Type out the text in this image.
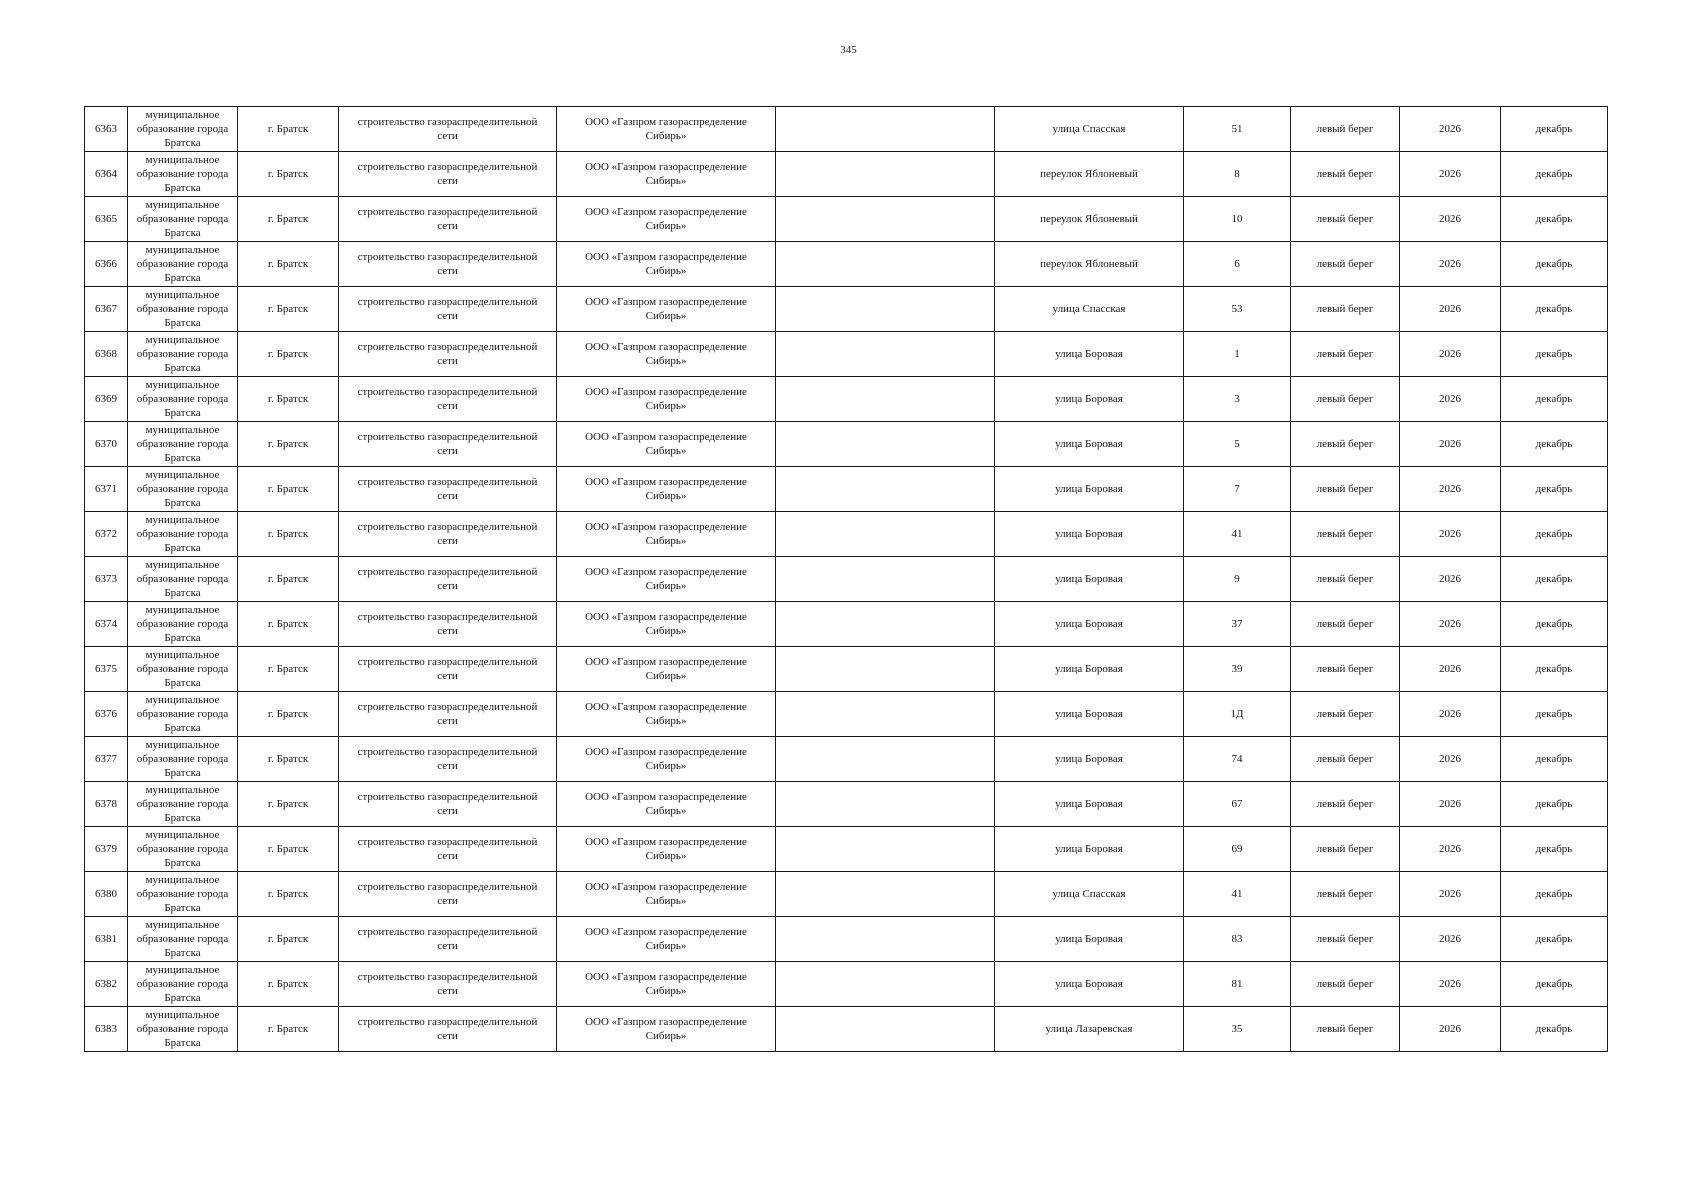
345
6363	муниципальное
образование города
Братска	г. Братск	строительство газораспределительной
сети	ООО «Газпром газораспределение
Сибирь»		улица Спасская	51	левый берег	2026	декабрь
6364	муниципальное
образование города
Братска	г. Братск	строительство газораспределительной
сети	ООО «Газпром газораспределение
Сибирь»		переулок Яблоневый	8	левый берег	2026	декабрь
6365	муниципальное
образование города
Братска	г. Братск	строительство газораспределительной
сети	ООО «Газпром газораспределение
Сибирь»		переулок Яблоневый	10	левый берег	2026	декабрь
6366	муниципальное
образование города
Братска	г. Братск	строительство газораспределительной
сети	ООО «Газпром газораспределение
Сибирь»		переулок Яблоневый	6	левый берег	2026	декабрь
6367	муниципальное
образование города
Братска	г. Братск	строительство газораспределительной
сети	ООО «Газпром газораспределение
Сибирь»		улица Спасская	53	левый берег	2026	декабрь
6368	муниципальное
образование города
Братска	г. Братск	строительство газораспределительной
сети	ООО «Газпром газораспределение
Сибирь»		улица Боровая	1	левый берег	2026	декабрь
6369	муниципальное
образование города
Братска	г. Братск	строительство газораспределительной
сети	ООО «Газпром газораспределение
Сибирь»		улица Боровая	3	левый берег	2026	декабрь
6370	муниципальное
образование города
Братска	г. Братск	строительство газораспределительной
сети	ООО «Газпром газораспределение
Сибирь»		улица Боровая	5	левый берег	2026	декабрь
6371	муниципальное
образование города
Братска	г. Братск	строительство газораспределительной
сети	ООО «Газпром газораспределение
Сибирь»		улица Боровая	7	левый берег	2026	декабрь
6372	муниципальное
образование города
Братска	г. Братск	строительство газораспределительной
сети	ООО «Газпром газораспределение
Сибирь»		улица Боровая	41	левый берег	2026	декабрь
6373	муниципальное
образование города
Братска	г. Братск	строительство газораспределительной
сети	ООО «Газпром газораспределение
Сибирь»		улица Боровая	9	левый берег	2026	декабрь
6374	муниципальное
образование города
Братска	г. Братск	строительство газораспределительной
сети	ООО «Газпром газораспределение
Сибирь»		улица Боровая	37	левый берег	2026	декабрь
6375	муниципальное
образование города
Братска	г. Братск	строительство газораспределительной
сети	ООО «Газпром газораспределение
Сибирь»		улица Боровая	39	левый берег	2026	декабрь
6376	муниципальное
образование города
Братска	г. Братск	строительство газораспределительной
сети	ООО «Газпром газораспределение
Сибирь»		улица Боровая	1Д	левый берег	2026	декабрь
6377	муниципальное
образование города
Братска	г. Братск	строительство газораспределительной
сети	ООО «Газпром газораспределение
Сибирь»		улица Боровая	74	левый берег	2026	декабрь
6378	муниципальное
образование города
Братска	г. Братск	строительство газораспределительной
сети	ООО «Газпром газораспределение
Сибирь»		улица Боровая	67	левый берег	2026	декабрь
6379	муниципальное
образование города
Братска	г. Братск	строительство газораспределительной
сети	ООО «Газпром газораспределение
Сибирь»		улица Боровая	69	левый берег	2026	декабрь
6380	муниципальное
образование города
Братска	г. Братск	строительство газораспределительной
сети	ООО «Газпром газораспределение
Сибирь»		улица Спасская	41	левый берег	2026	декабрь
6381	муниципальное
образование города
Братска	г. Братск	строительство газораспределительной
сети	ООО «Газпром газораспределение
Сибирь»		улица Боровая	83	левый берег	2026	декабрь
6382	муниципальное
образование города
Братска	г. Братск	строительство газораспределительной
сети	ООО «Газпром газораспределение
Сибирь»		улица Боровая	81	левый берег	2026	декабрь
6383	муниципальное
образование города
Братска	г. Братск	строительство газораспределительной
сети	ООО «Газпром газораспределение
Сибирь»		улица Лазаревская	35	левый берег	2026	декабрь
